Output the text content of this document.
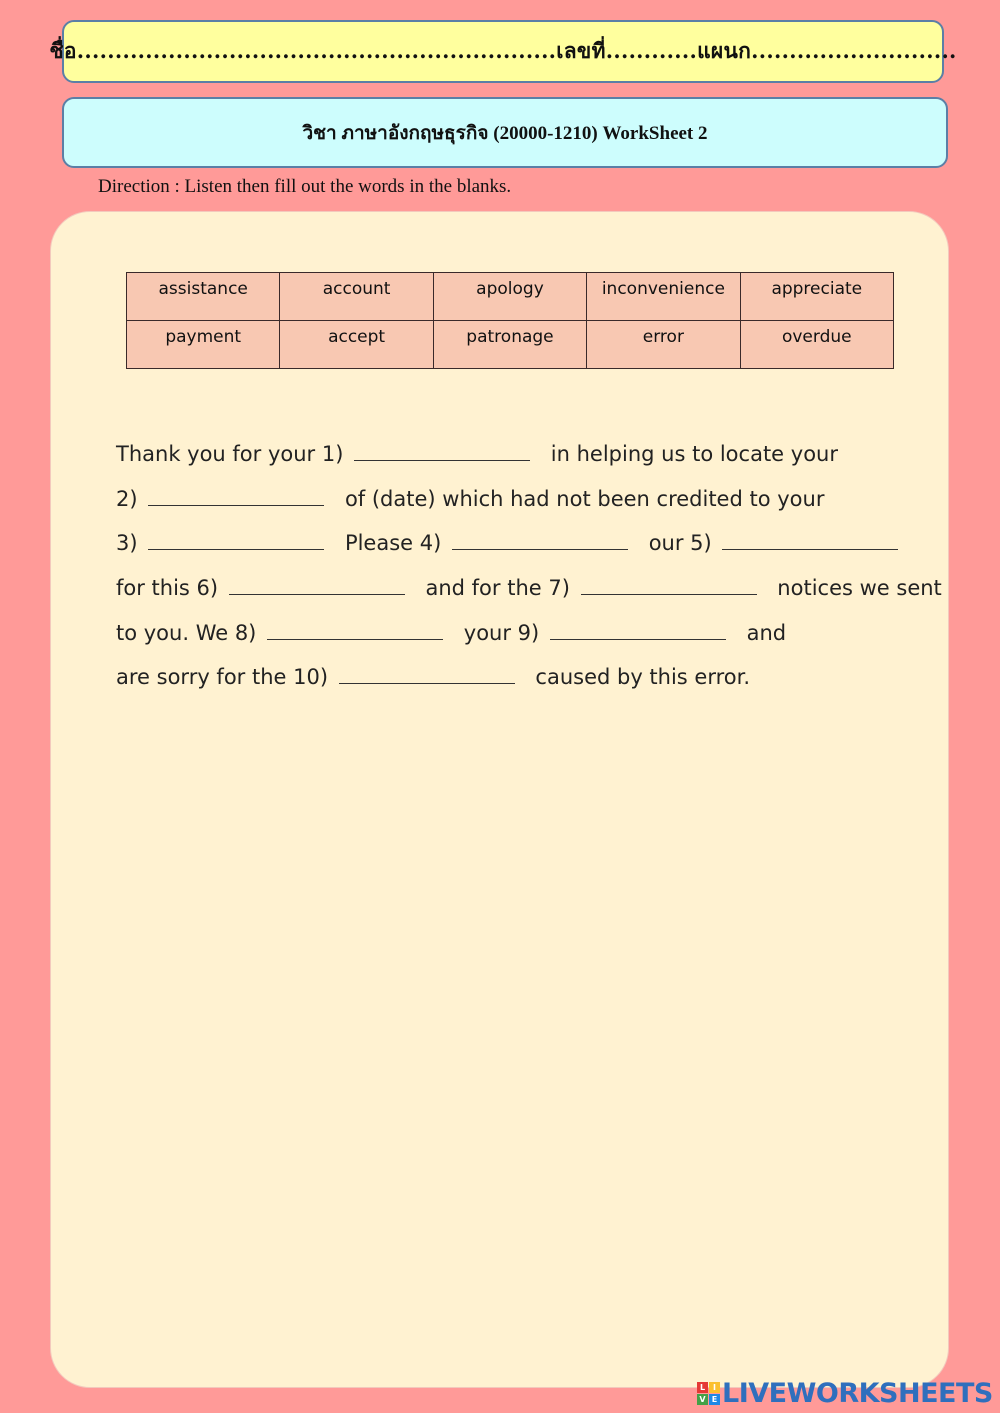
ชื่อ...............................................................เลขที่............แผนก...........................
วิชา ภาษาอังกฤษธุรกิจ (20000-1210) WorkSheet 2
Direction : Listen then fill out the words in the blanks.
assistance	account	apology	inconvenience	appreciate
payment	accept	patronage	error	overdue
Thank you for your 1)	in helping us to locate your
2)	of (date) which had not been credited to your
3)	Please 4)	our 5)
for this 6)	and for the 7)	notices we sent
to you. We 8)	your 9)	and
are sorry for the 10)	caused by this error.
L I
V E LIVEWORKSHEETS
